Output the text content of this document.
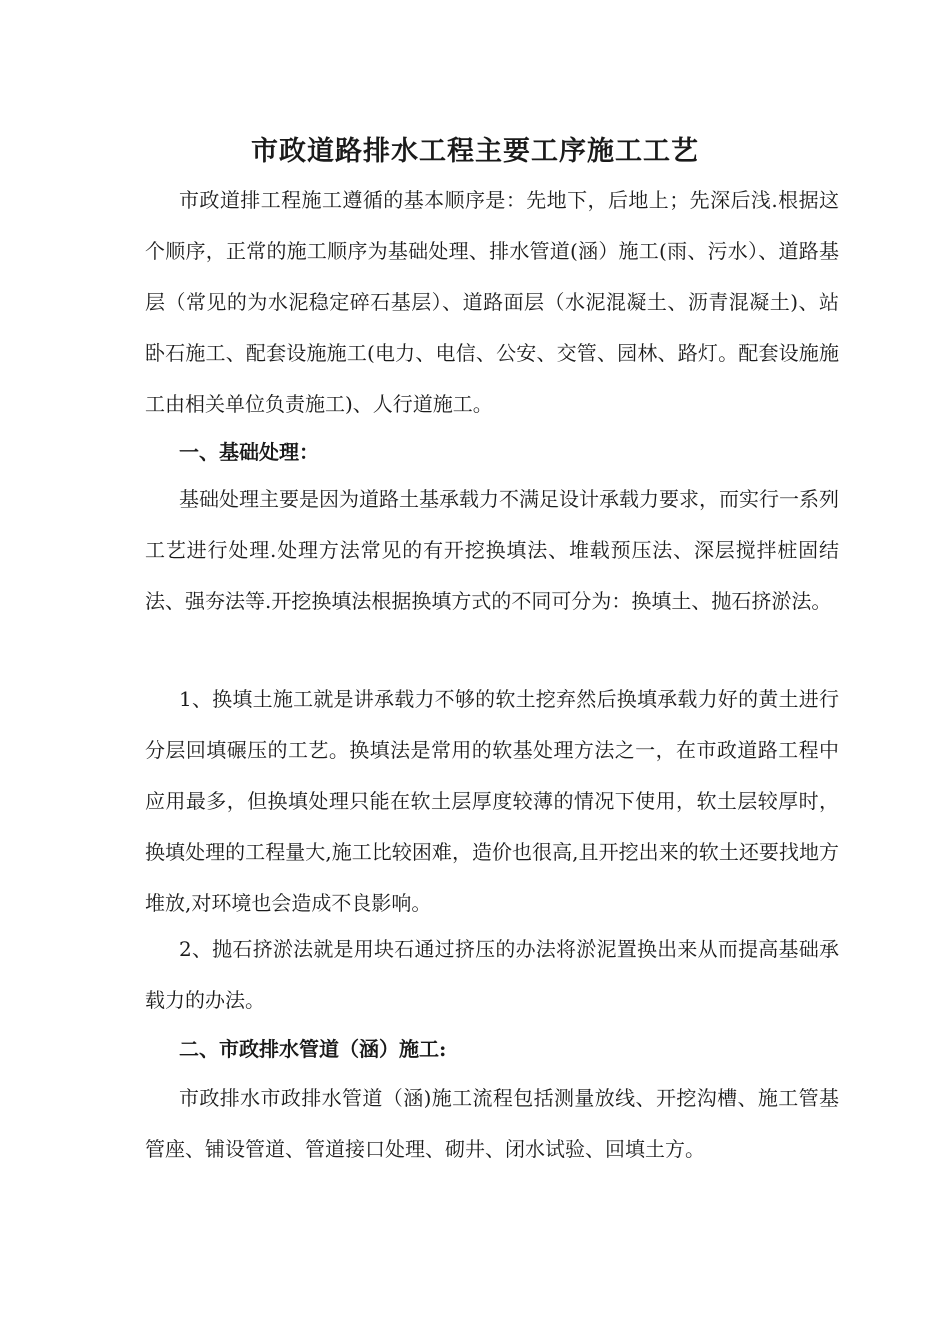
市政道路排水工程主要工序施工工艺

市政道排工程施工遵循的基本顺序是：先地下，后地上；先深后浅.根据这个顺序，正常的施工顺序为基础处理、排水管道(涵）施工(雨、污水）、道路基层（常见的为水泥稳定碎石基层）、道路面层（水泥混凝土、沥青混凝土)、站卧石施工、配套设施施工(电力、电信、公安、交管、园林、路灯。配套设施施工由相关单位负责施工)、人行道施工。

一、基础处理：

基础处理主要是因为道路土基承载力不满足设计承载力要求，而实行一系列工艺进行处理.处理方法常见的有开挖换填法、堆载预压法、深层搅拌桩固结法、强夯法等.开挖换填法根据换填方式的不同可分为：换填土、抛石挤淤法。

1、换填土施工就是讲承载力不够的软土挖弃然后换填承载力好的黄土进行分层回填碾压的工艺。换填法是常用的软基处理方法之一，在市政道路工程中应用最多，但换填处理只能在软土层厚度较薄的情况下使用，软土层较厚时，换填处理的工程量大,施工比较困难，造价也很高,且开挖出来的软土还要找地方堆放,对环境也会造成不良影响。

2、抛石挤淤法就是用块石通过挤压的办法将淤泥置换出来从而提高基础承载力的办法。

二、市政排水管道（涵）施工:

市政排水市政排水管道（涵)施工流程包括测量放线、开挖沟槽、施工管基管座、铺设管道、管道接口处理、砌井、闭水试验、回填土方。
